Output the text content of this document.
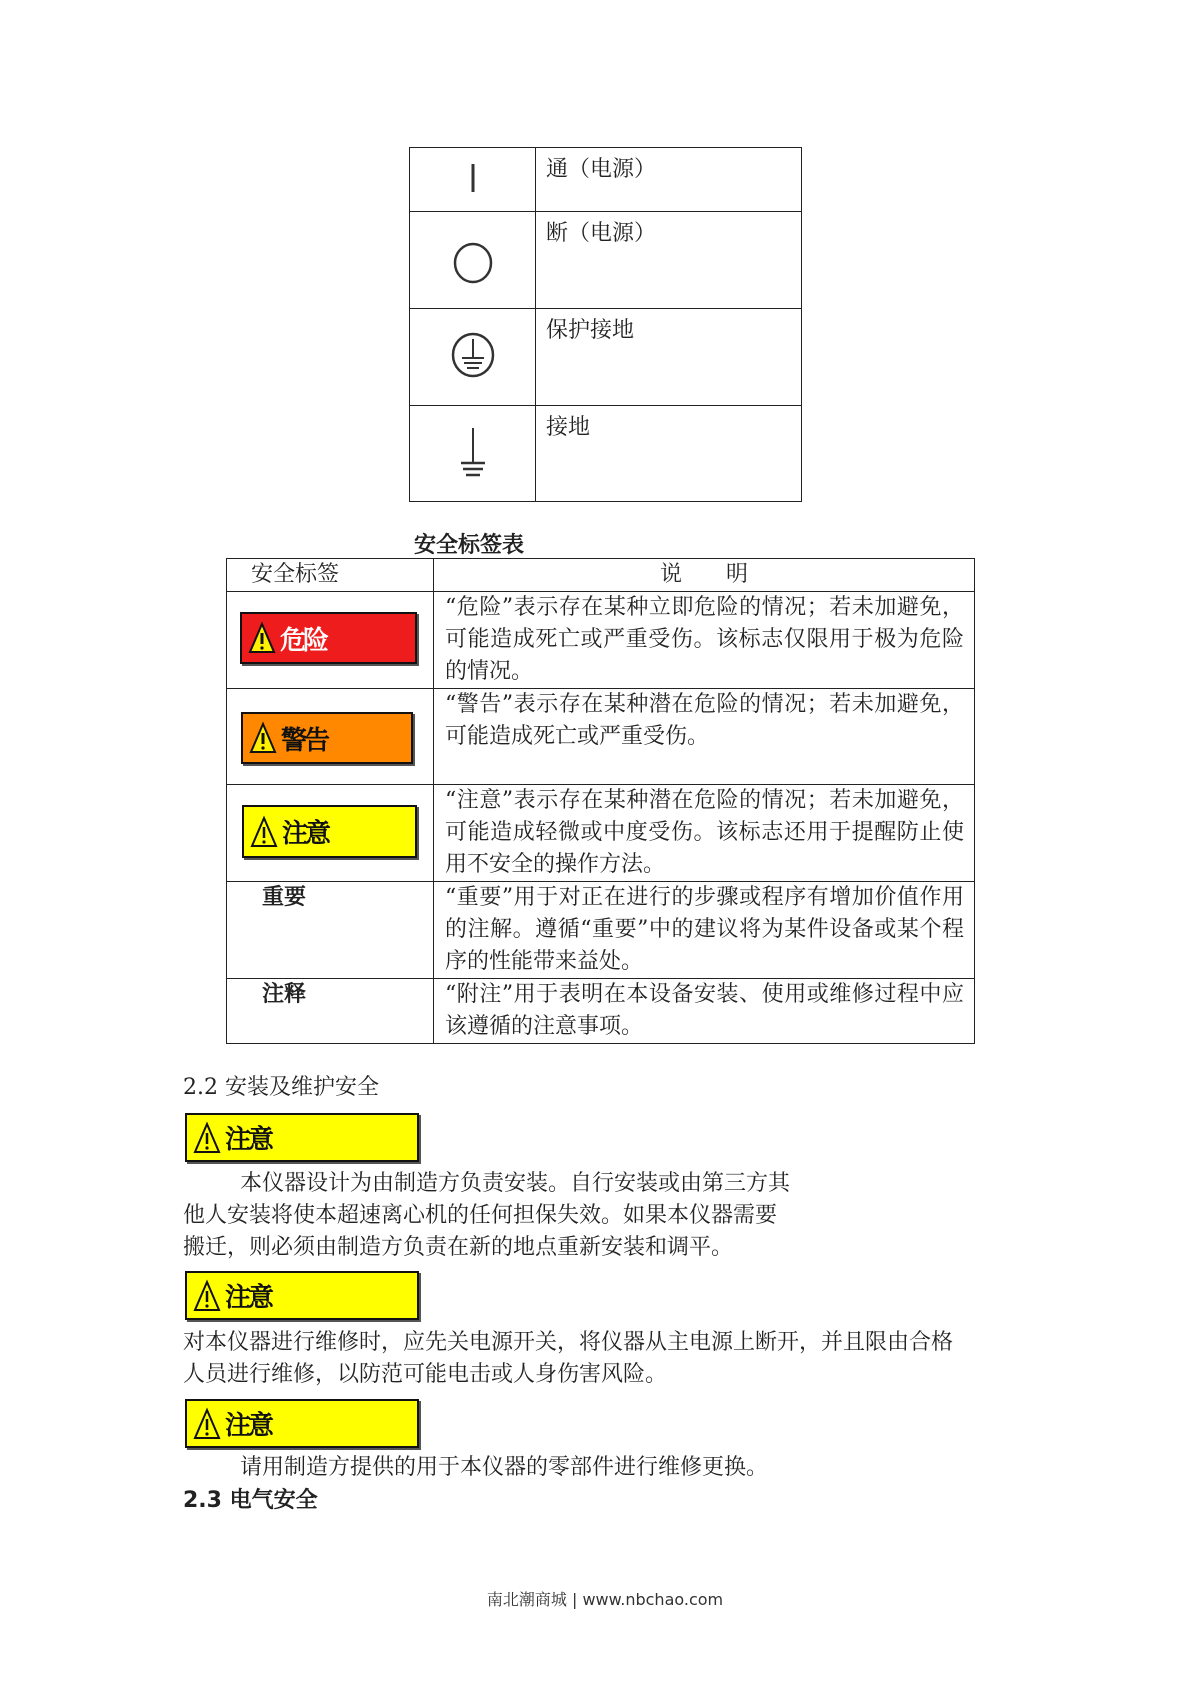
	通（电源）
	断（电源）
	保护接地
	接地
安全标签表
安全标签	说　　明
	“危险”表示存在某种立即危险的情况；若未加避免，可能造成死亡或严重受伤。该标志仅限用于极为危险的情况。
	“警告”表示存在某种潜在危险的情况；若未加避免，可能造成死亡或严重受伤。
	“注意”表示存在某种潜在危险的情况；若未加避免，可能造成轻微或中度受伤。该标志还用于提醒防止使用不安全的操作方法。
重要	“重要”用于对正在进行的步骤或程序有增加价值作用的注解。遵循“重要”中的建议将为某件设备或某个程序的性能带来益处。
注释	“附注”用于表明在本设备安装、使用或维修过程中应该遵循的注意事项。
危险
警告
注意
2.2 安装及维护安全
注意
本仪器设计为由制造方负责安装。自行安装或由第三方其
他人安装将使本超速离心机的任何担保失效。如果本仪器需要
搬迁，则必须由制造方负责在新的地点重新安装和调平。
注意
对本仪器进行维修时，应先关电源开关，将仪器从主电源上断开，并且限由合格
人员进行维修，以防范可能电击或人身伤害风险。
注意
请用制造方提供的用于本仪器的零部件进行维修更换。
2.3 电气安全
南北潮商城 | www.nbchao.com
